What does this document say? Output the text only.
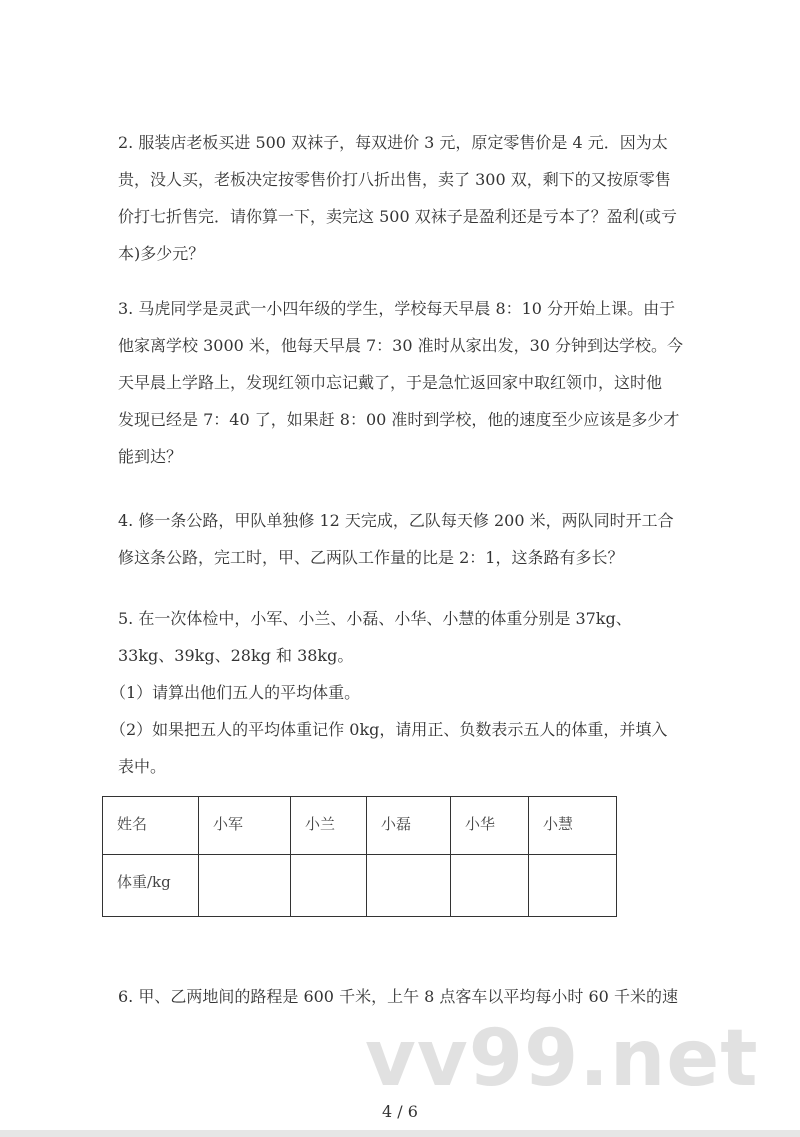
2. 服装店老板买进 500 双袜子，每双进价 3 元，原定零售价是 4 元．因为太
贵，没人买，老板决定按零售价打八折出售，卖了 300 双，剩下的又按原零售
价打七折售完．请你算一下，卖完这 500 双袜子是盈利还是亏本了？盈利(或亏
本)多少元？
3. 马虎同学是灵武一小四年级的学生，学校每天早晨 8：10 分开始上课。由于
他家离学校 3000 米，他每天早晨 7：30 准时从家出发，30 分钟到达学校。今
天早晨上学路上，发现红领巾忘记戴了，于是急忙返回家中取红领巾，这时他
发现已经是 7：40 了，如果赶 8：00 准时到学校，他的速度至少应该是多少才
能到达？
4. 修一条公路，甲队单独修 12 天完成，乙队每天修 200 米，两队同时开工合
修这条公路，完工时，甲、乙两队工作量的比是 2：1，这条路有多长？
5. 在一次体检中，小军、小兰、小磊、小华、小慧的体重分别是 37kg、
33kg、39kg、28kg 和 38kg。
（1）请算出他们五人的平均体重。
（2）如果把五人的平均体重记作 0kg，请用正、负数表示五人的体重，并填入
表中。
姓名	小军	小兰	小磊	小华	小慧
体重/kg					
6. 甲、乙两地间的路程是 600 千米，上午 8 点客车以平均每小时 60 千米的速
vv99.net
4 / 6
